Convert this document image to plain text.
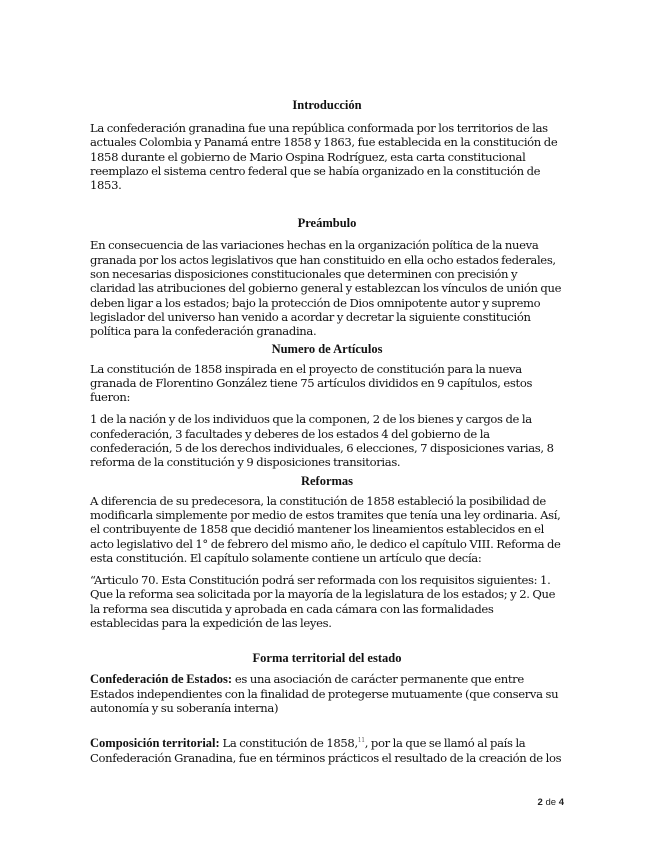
Introducción

La confederación granadina fue una república conformada por los territorios de las actuales Colombia y Panamá entre 1858 y 1863, fue establecida en la constitución de 1858 durante el gobierno de Mario Ospina Rodríguez, esta carta constitucional reemplazo el sistema centro federal que se había organizado en la constitución de 1853.

Preámbulo

En consecuencia de las variaciones hechas en la organización política de la nueva granada por los actos legislativos que han constituido en ella ocho estados federales, son necesarias disposiciones constitucionales que determinen con precisión y claridad las atribuciones del gobierno general y establezcan los vínculos de unión que deben ligar a los estados; bajo la protección de Dios omnipotente autor y supremo legislador del universo han venido a acordar y decretar la siguiente constitución política para la confederación granadina.

Numero de Artículos

La constitución de 1858 inspirada en el proyecto de constitución para la nueva granada de Florentino González tiene 75 artículos divididos en 9 capítulos, estos fueron:

1 de la nación y de los individuos que la componen, 2 de los bienes y cargos de la confederación, 3 facultades y deberes de los estados 4 del gobierno de la confederación, 5 de los derechos individuales, 6 elecciones, 7 disposiciones varias, 8 reforma de la constitución y 9 disposiciones transitorias.

Reformas

A diferencia de su predecesora, la constitución de 1858 estableció la posibilidad de modificarla simplemente por medio de estos tramites que tenía una ley ordinaria. Así, el contribuyente de 1858 que decidió mantener los lineamientos establecidos en el acto legislativo del 1° de febrero del mismo año, le dedico el capítulo VIII. Reforma de esta constitución. El capítulo solamente contiene un artículo que decía:

“Articulo 70. Esta Constitución podrá ser reformada con los requisitos siguientes: 1. Que la reforma sea solicitada por la mayoría de la legislatura de los estados; y 2. Que la reforma sea discutida y aprobada en cada cámara con las formalidades establecidas para la expedición de las leyes.

Forma territorial del estado

Confederación de Estados: es una asociación de carácter permanente que entre Estados independientes con la finalidad de protegerse mutuamente (que conserva su autonomía y su soberanía interna)

Composición territorial: La constitución de 1858,11, por la que se llamó al país la Confederación Granadina, fue en términos prácticos el resultado de la creación de los

2 de 4
